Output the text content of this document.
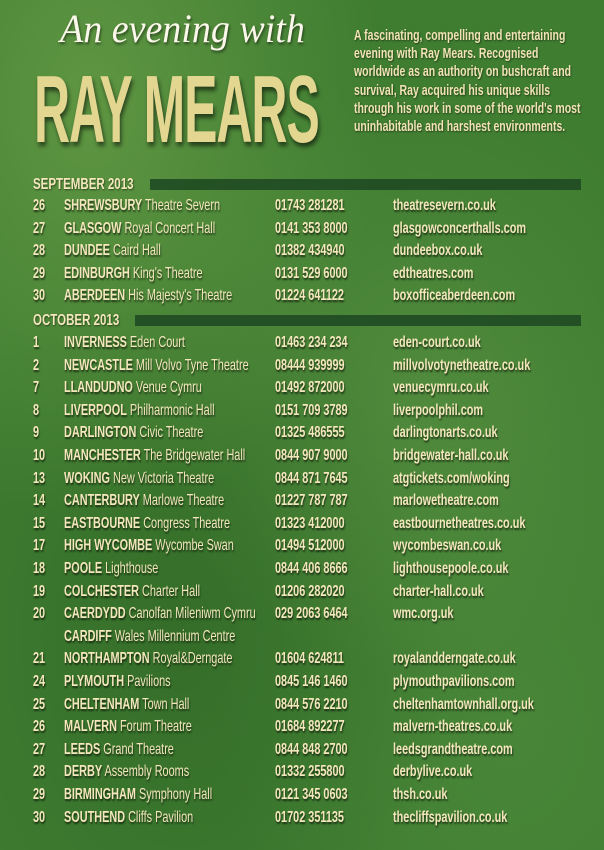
An evening with
RAY MEARS
A fascinating, compelling and entertaining evening with Ray Mears. Recognised worldwide as an authority on bushcraft and survival, Ray acquired his unique skills through his work in some of the world's most uninhabitable and harshest environments.
SEPTEMBER 2013
26 SHREWSBURY Theatre Severn	01743 281281	theatresevern.co.uk
27 GLASGOW Royal Concert Hall	0141 353 8000	glasgowconcerthalls.com
28 DUNDEE Caird Hall	01382 434940	dundeebox.co.uk
29 EDINBURGH King's Theatre	0131 529 6000	edtheatres.com
30 ABERDEEN His Majesty's Theatre	01224 641122	boxofficeaberdeen.com
OCTOBER 2013
1 INVERNESS Eden Court	01463 234 234	eden-court.co.uk
2 NEWCASTLE Mill Volvo Tyne Theatre 08444 939999	millvolvotynetheatre.co.uk
7 LLANDUDNO Venue Cymru	01492 872000	venuecymru.co.uk
8 LIVERPOOL Philharmonic Hall	0151 709 3789	liverpoolphil.com
9 DARLINGTON Civic Theatre	01325 486555	darlingtonarts.co.uk
10 MANCHESTER The Bridgewater Hall 0844 907 9000	bridgewater-hall.co.uk
13 WOKING New Victoria Theatre	0844 871 7645	atgtickets.com/woking
14 CANTERBURY Marlowe Theatre	01227 787 787	marlowetheatre.com
15 EASTBOURNE Congress Theatre	01323 412000	eastbournetheatres.co.uk
17 HIGH WYCOMBE Wycombe Swan	01494 512000	wycombeswan.co.uk
18 POOLE Lighthouse	0844 406 8666	lighthousepoole.co.uk
19 COLCHESTER Charter Hall	01206 282020	charter-hall.co.uk
20 CAERDYDD Canolfan Mileniwm Cymru 029 2063 6464	wmc.org.uk
CARDIFF Wales Millennium Centre
21 NORTHAMPTON Royal&Derngate	01604 624811	royalandderngate.co.uk
24 PLYMOUTH Pavilions	0845 146 1460	plymouthpavilions.com
25 CHELTENHAM Town Hall	0844 576 2210	cheltenhamtownhall.org.uk
26 MALVERN Forum Theatre	01684 892277	malvern-theatres.co.uk
27 LEEDS Grand Theatre	0844 848 2700	leedsgrandtheatre.com
28 DERBY Assembly Rooms	01332 255800	derbylive.co.uk
29 BIRMINGHAM Symphony Hall	0121 345 0603	thsh.co.uk
30 SOUTHEND Cliffs Pavilion	01702 351135	thecliffspavilion.co.uk
